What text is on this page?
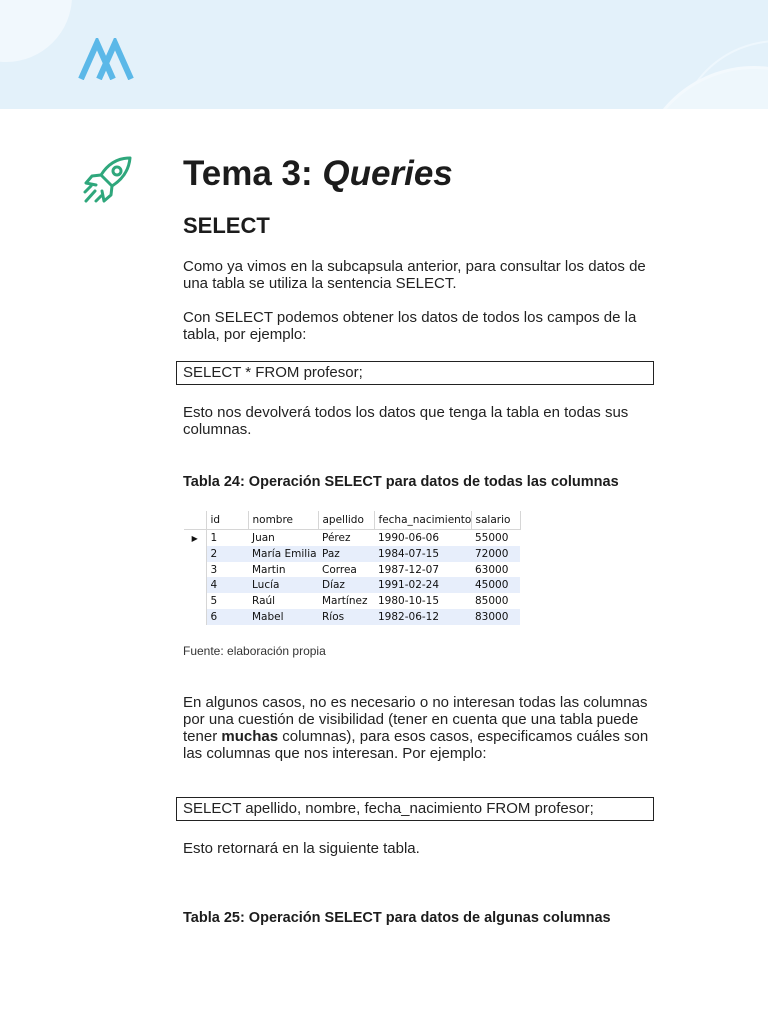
Tema 3: Queries
SELECT

Como ya vimos en la subcapsula anterior, para consultar los datos de una tabla se utiliza la sentencia SELECT.

Con SELECT podemos obtener los datos de todos los campos de la tabla, por ejemplo:

SELECT * FROM profesor;

Esto nos devolverá todos los datos que tenga la tabla en todas sus columnas.

Tabla 24: Operación SELECT para datos de todas las columnas

	id	nombre	apellido	fecha_nacimiento	salario
▶	1	Juan	Pérez	1990-06-06	55000
	2	María Emilia	Paz	1984-07-15	72000
	3	Martin	Correa	1987-12-07	63000
	4	Lucía	Díaz	1991-02-24	45000
	5	Raúl	Martínez	1980-10-15	85000
	6	Mabel	Ríos	1982-06-12	83000

Fuente: elaboración propia

En algunos casos, no es necesario o no interesan todas las columnas por una cuestión de visibilidad (tener en cuenta que una tabla puede tener muchas columnas), para esos casos, especificamos cuáles son las columnas que nos interesan. Por ejemplo:

SELECT apellido, nombre, fecha_nacimiento FROM profesor;

Esto retornará en la siguiente tabla.

Tabla 25: Operación SELECT para datos de algunas columnas
